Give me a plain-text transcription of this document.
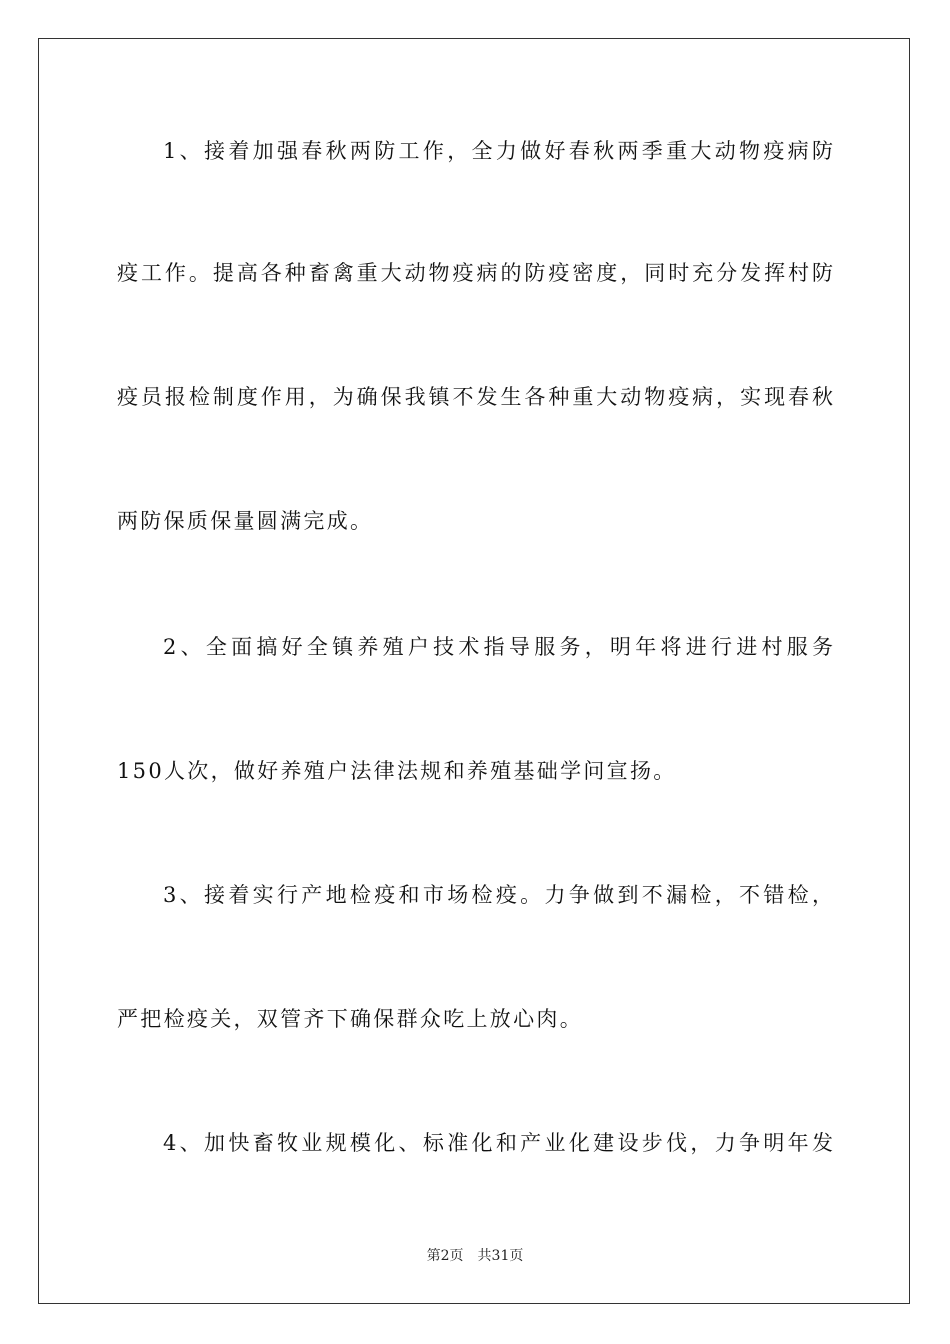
1、接着加强春秋两防工作，全力做好春秋两季重大动物疫病防
疫工作。提高各种畜禽重大动物疫病的防疫密度，同时充分发挥村防
疫员报检制度作用，为确保我镇不发生各种重大动物疫病，实现春秋
两防保质保量圆满完成。
2、全面搞好全镇养殖户技术指导服务，明年将进行进村服务
150人次，做好养殖户法律法规和养殖基础学问宣扬。
3、接着实行产地检疫和市场检疫。力争做到不漏检，不错检，
严把检疫关，双管齐下确保群众吃上放心肉。
4、加快畜牧业规模化、标准化和产业化建设步伐，力争明年发
第2页 共31页
